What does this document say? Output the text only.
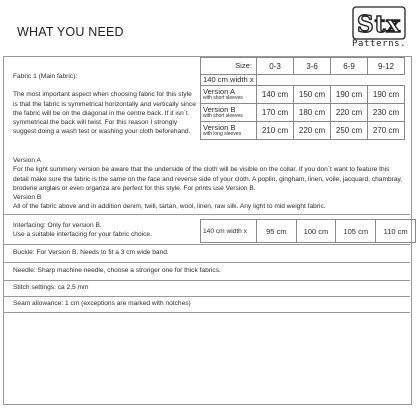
WHAT YOU NEED	Stx
Patterns.
Size:	0-3	3-6	6-9	9-12
140 cm width x				
Version A
with short sleeves	140 cm	150 cm	190 cm	190 cm
Version B
with short sleeves	170 cm	180 cm	220 cm	230 cm
Version B
with long sleeves	210 cm	220 cm	250 cm	270 cm

Fabric 1 (Main fabric):

The most important aspect when choosing fabric for this style is that the fabric is symmetrical horizontally and vertically since the fabric will be on the diagonal in the centre back. If it isn´t symmetrical the back will twist. For this reason I strongly suggest doing a wash test or washing your cloth beforehand.

Version A

For the light summery version be aware that the underside of the cloth will be visible on the collar. If you don´t want to feature this detail make sure the fabric is the same on the face and reverse side of your cloth. A poplin, gingham, linen, voile, jacquard, chambray, broderie anglais or even organza are perfect for this style. For prints use Version B.

Version B

All of the fabric above and in addition denim, twill, tartan, wool, linen, raw silk. Any light to mid weight fabric.

Interfacing: Only for version B.

Use a suitable interfacing for your fabric choice.

140 cm width x	95 cm	100 cm	105 cm	110 cm
Buckle: For Version B. Needs to fit a 3 cm wide band.
Needle: Sharp machine needle, choose a stronger one for thick fabrics.
Stitch settings: ca 2,5 mm
Seam allowance: 1 cm (exceptions are marked with notches)
